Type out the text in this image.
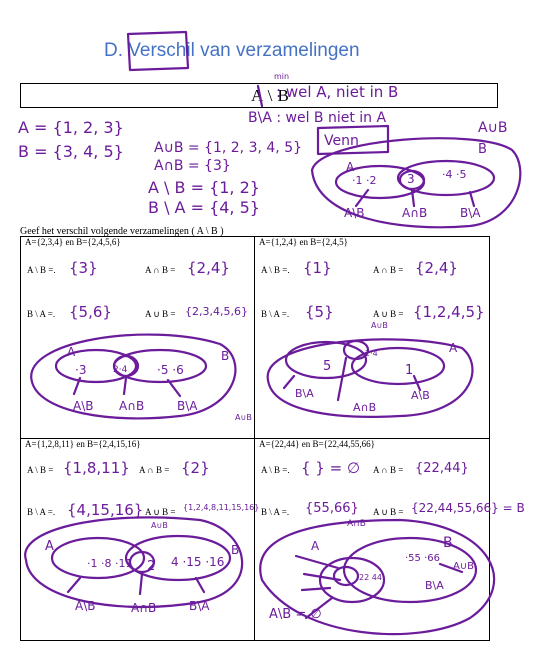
D. Verschil van verzamelingen
A \ B
min
: wel A, niet in B
B\A : wel B niet in A
A = {1, 2, 3}
B = {3, 4, 5} A∪B = {1, 2, 3, 4, 5}
A∩B = {3}
A \ B = {1, 2}
B \ A = {4, 5}
Venn
A∪B
B
A
·1 ·2	3 ·4 ·5
A\B	A∩B	B\A
Geef het verschil volgende verzamelingen ( A \ B )
A={2,3,4} en B={2,4,5,6}
A \ B =. {3}	A ∩ B = {2,4}
B \ A =. {5,6}	A ∪ B = {2,3,4,5,6}
A	B
·3	2·4 ·5 ·6
A\B A∩B	B\A
A∪B
A={1,2,4} en B={2,4,5}
A \ B =. {1}	A ∩ B = {2,4}
B \ A =. {5}	A ∪ B = {1,2,4,5}
A∪B
A
5
2·4
1
B\A
A∩B
A\B
A={1,2,8,11} en B={2,4,15,16}
A \ B = {1,8,11} A ∩ B = {2}
B \ A =. {4,15,16} A ∪ B = {1,2,4,8,11,15,16}
A∪B
A	B
·1 ·8 ·11 2 4 ·15 ·16
A\B	A∩B	B\A
A={22,44} en B={22,44,55,66}
A \ B =. { } = ∅ A ∩ B = {22,44}
B \ A =. {55,66} A ∪ B = {22,44,55,66} = B
A∩B
A	B
22 44
·55 ·66
A\B = ∅
A∪B
B\A
